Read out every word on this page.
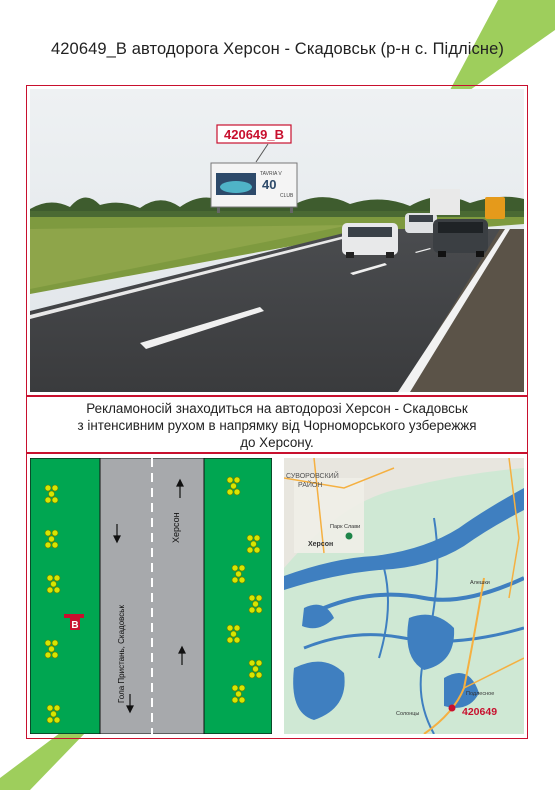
420649_В автодорога Херсон - Скадовськ (р-н с. Підлісне)
TAVRIA V
40
CLUB
420649_В
Рекламоносій знаходиться на автодорозі Херсон - Скадовськ
з інтенсивним рухом в напрямку від Чорноморського узбережжя
до Херсону.
Херсон
Гола Пристань, Скадовськ
В
СУВОРОВСКИЙ
РАЙОН
Парк Слави
Херсон
Алешки
Подлесное
Солонцы	420649
